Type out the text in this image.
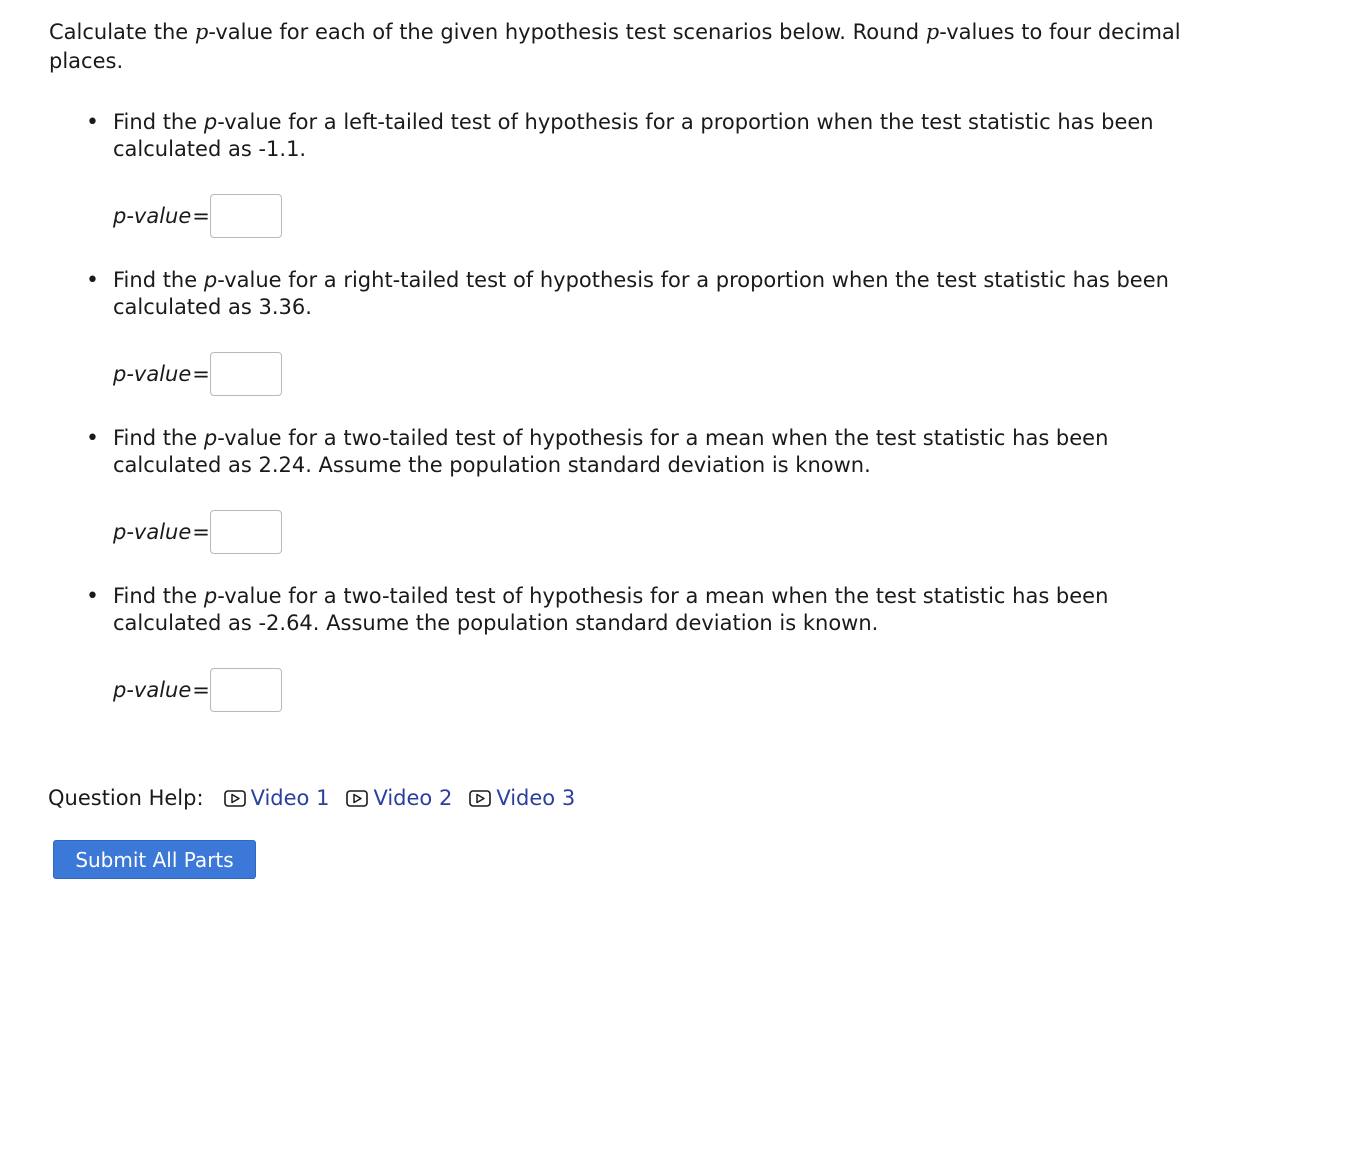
Calculate the p-value for each of the given hypothesis test scenarios below. Round p-values to four decimal places.

• Find the p-value for a left-tailed test of hypothesis for a proportion when the test statistic has been calculated as -1.1.

p-value =
• Find the p-value for a right-tailed test of hypothesis for a proportion when the test statistic has been calculated as 3.36.

p-value =
• Find the p-value for a two-tailed test of hypothesis for a mean when the test statistic has been calculated as 2.24. Assume the population standard deviation is known.

p-value =
• Find the p-value for a two-tailed test of hypothesis for a mean when the test statistic has been calculated as -2.64. Assume the population standard deviation is known.

p-value =
Question Help: Video 1 Video 2 Video 3
Submit All Parts
